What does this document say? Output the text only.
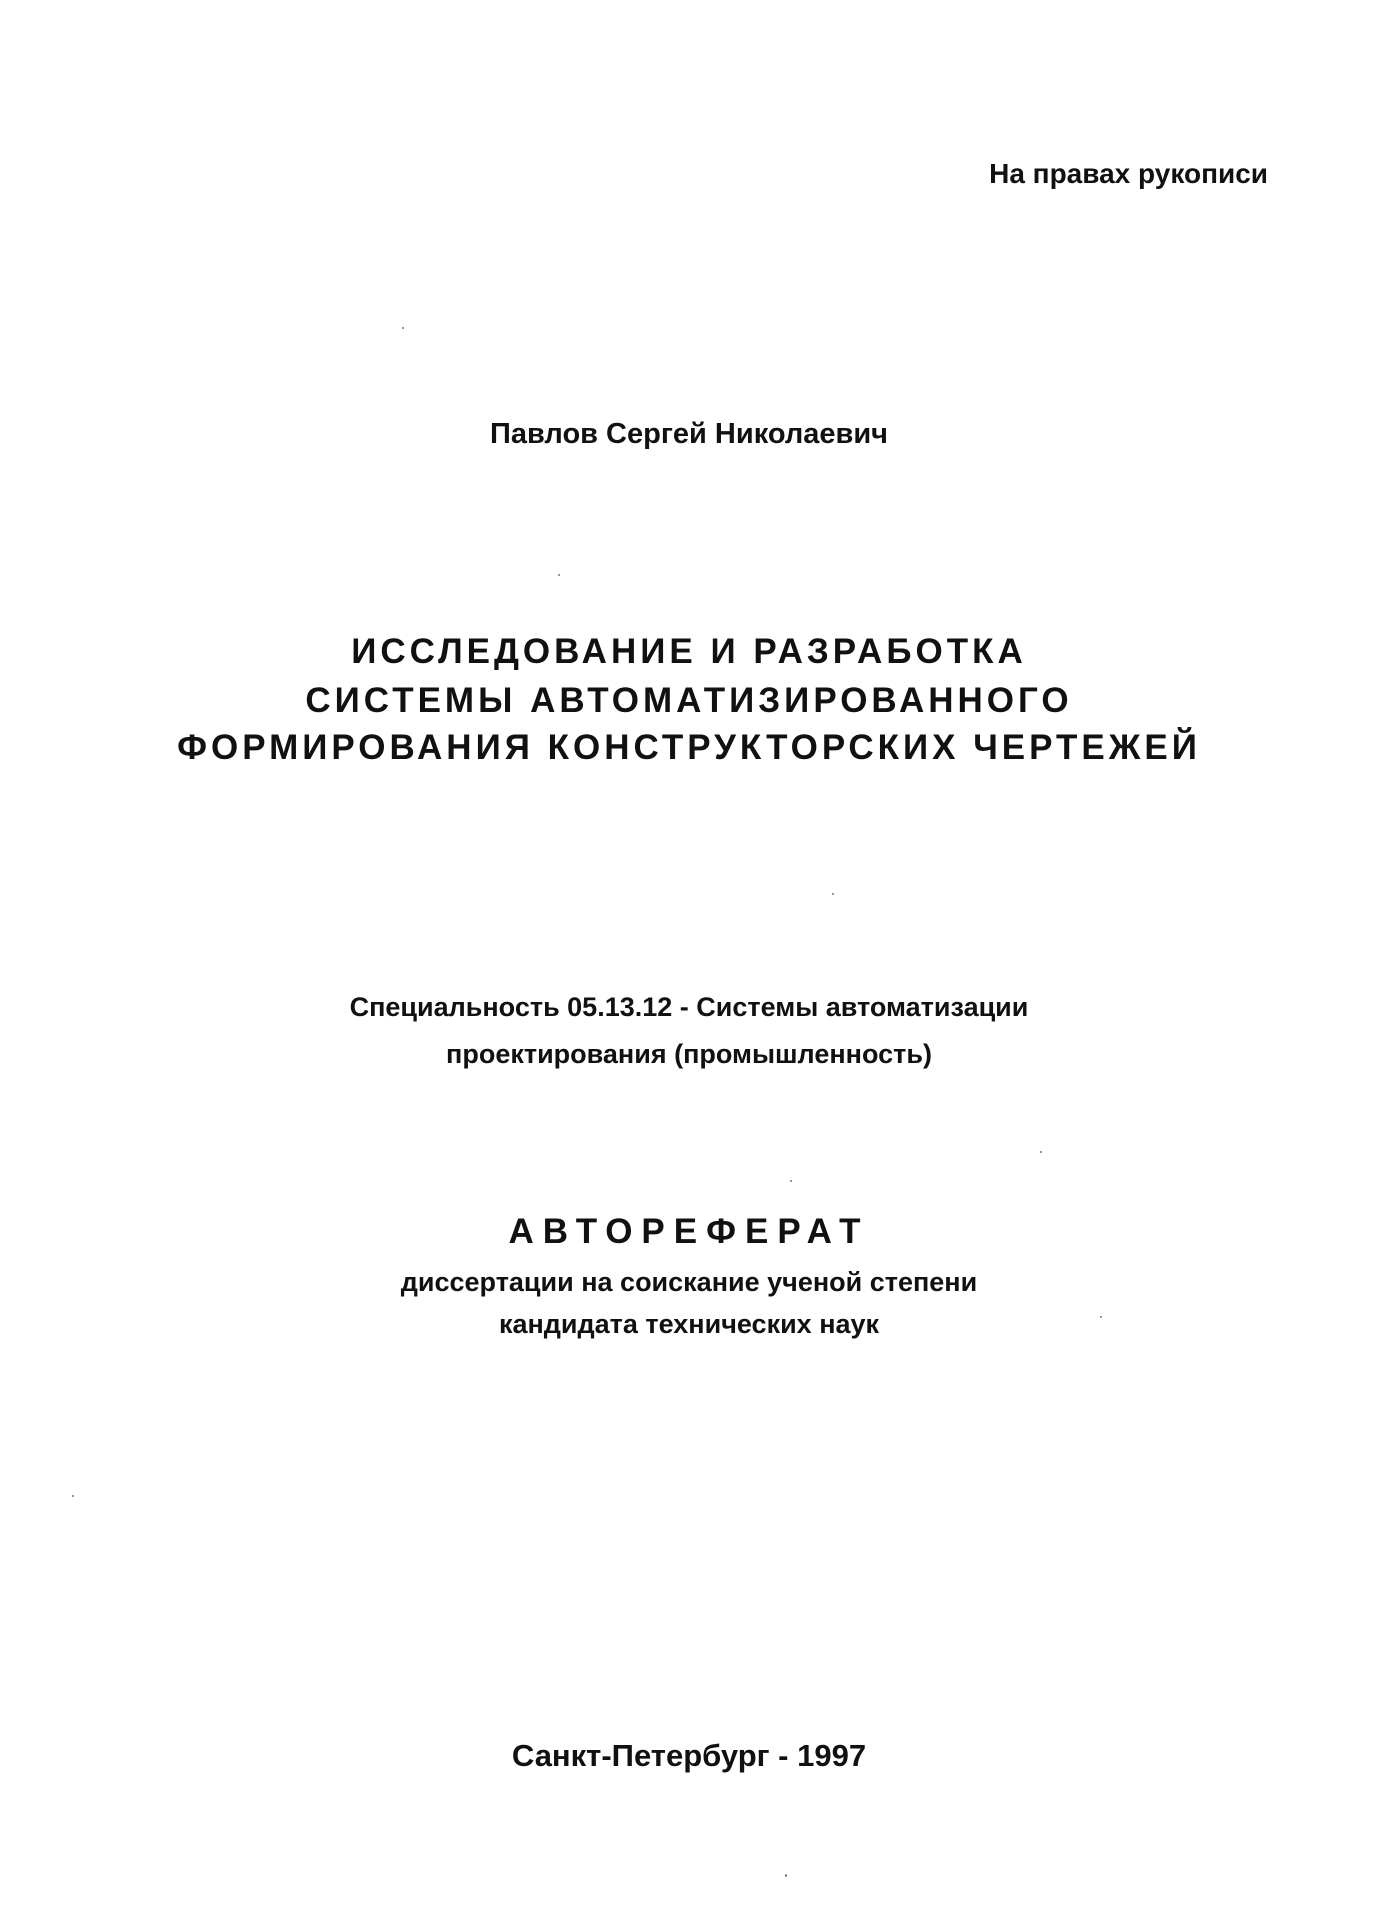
На правах рукописи
Павлов Сергей Николаевич
ИССЛЕДОВАНИЕ И РАЗРАБОТКА
СИСТЕМЫ АВТОМАТИЗИРОВАННОГО
ФОРМИРОВАНИЯ КОНСТРУКТОРСКИХ ЧЕРТЕЖЕЙ
Специальность 05.13.12 - Системы автоматизации
проектирования (промышленность)
АВТОРЕФЕРАТ
диссертации на соискание ученой степени
кандидата технических наук
Санкт-Петербург - 1997
